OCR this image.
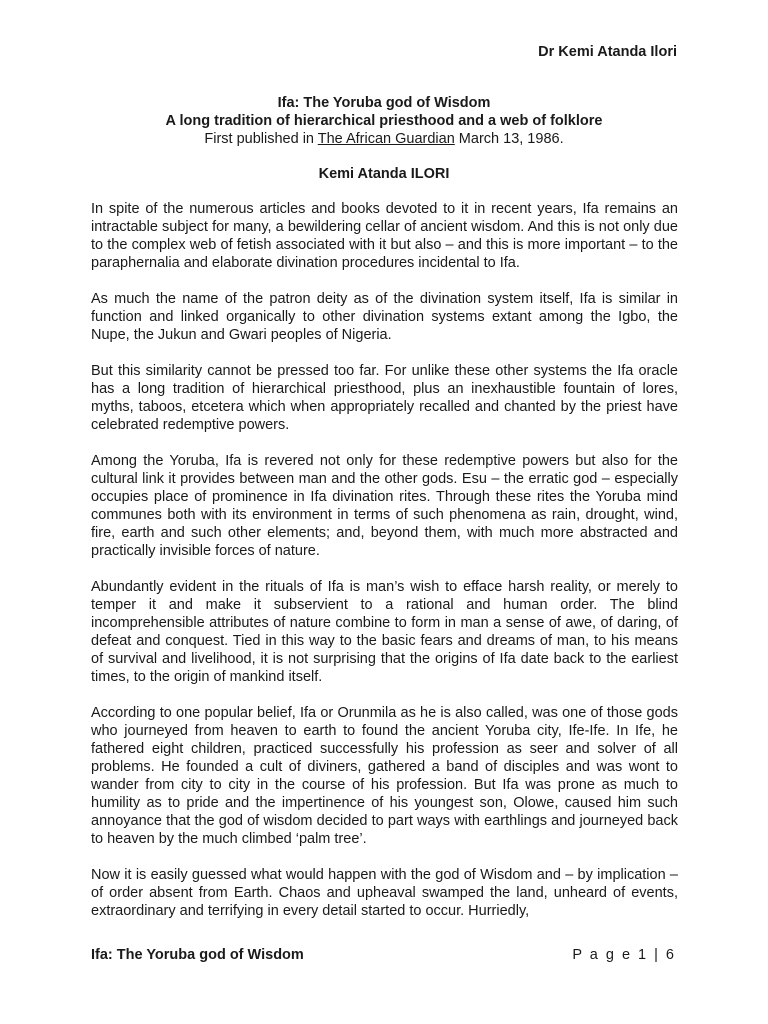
Dr Kemi Atanda Ilori
Ifa: The Yoruba god of Wisdom
A long tradition of hierarchical priesthood and a web of folklore
First published in The African Guardian March 13, 1986.
Kemi Atanda ILORI

In spite of the numerous articles and books devoted to it in recent years, Ifa remains an intractable subject for many, a bewildering cellar of ancient wisdom. And this is not only due to the complex web of fetish associated with it but also – and this is more important – to the paraphernalia and elaborate divination procedures incidental to Ifa.

As much the name of the patron deity as of the divination system itself, Ifa is similar in function and linked organically to other divination systems extant among the Igbo, the Nupe, the Jukun and Gwari peoples of Nigeria.

But this similarity cannot be pressed too far. For unlike these other systems the Ifa oracle has a long tradition of hierarchical priesthood, plus an inexhaustible fountain of lores, myths, taboos, etcetera which when appropriately recalled and chanted by the priest have celebrated redemptive powers.

Among the Yoruba, Ifa is revered not only for these redemptive powers but also for the cultural link it provides between man and the other gods. Esu – the erratic god – especially occupies place of prominence in Ifa divination rites. Through these rites the Yoruba mind communes both with its environment in terms of such phenomena as rain, drought, wind, fire, earth and such other elements; and, beyond them, with much more abstracted and practically invisible forces of nature.

Abundantly evident in the rituals of Ifa is man’s wish to efface harsh reality, or merely to temper it and make it subservient to a rational and human order. The blind incomprehensible attributes of nature combine to form in man a sense of awe, of daring, of defeat and conquest. Tied in this way to the basic fears and dreams of man, to his means of survival and livelihood, it is not surprising that the origins of Ifa date back to the earliest times, to the origin of mankind itself.

According to one popular belief, Ifa or Orunmila as he is also called, was one of those gods who journeyed from heaven to earth to found the ancient Yoruba city, Ife-Ife. In Ife, he fathered eight children, practiced successfully his profession as seer and solver of all problems. He founded a cult of diviners, gathered a band of disciples and was wont to wander from city to city in the course of his profession. But Ifa was prone as much to humility as to pride and the impertinence of his youngest son, Olowe, caused him such annoyance that the god of wisdom decided to part ways with earthlings and journeyed back to heaven by the much climbed ‘palm tree’.

Now it is easily guessed what would happen with the god of Wisdom and – by implication – of order absent from Earth. Chaos and upheaval swamped the land, unheard of events, extraordinary and terrifying in every detail started to occur. Hurriedly,

Ifa: The Yoruba god of Wisdom	P a g e 1 | 6
